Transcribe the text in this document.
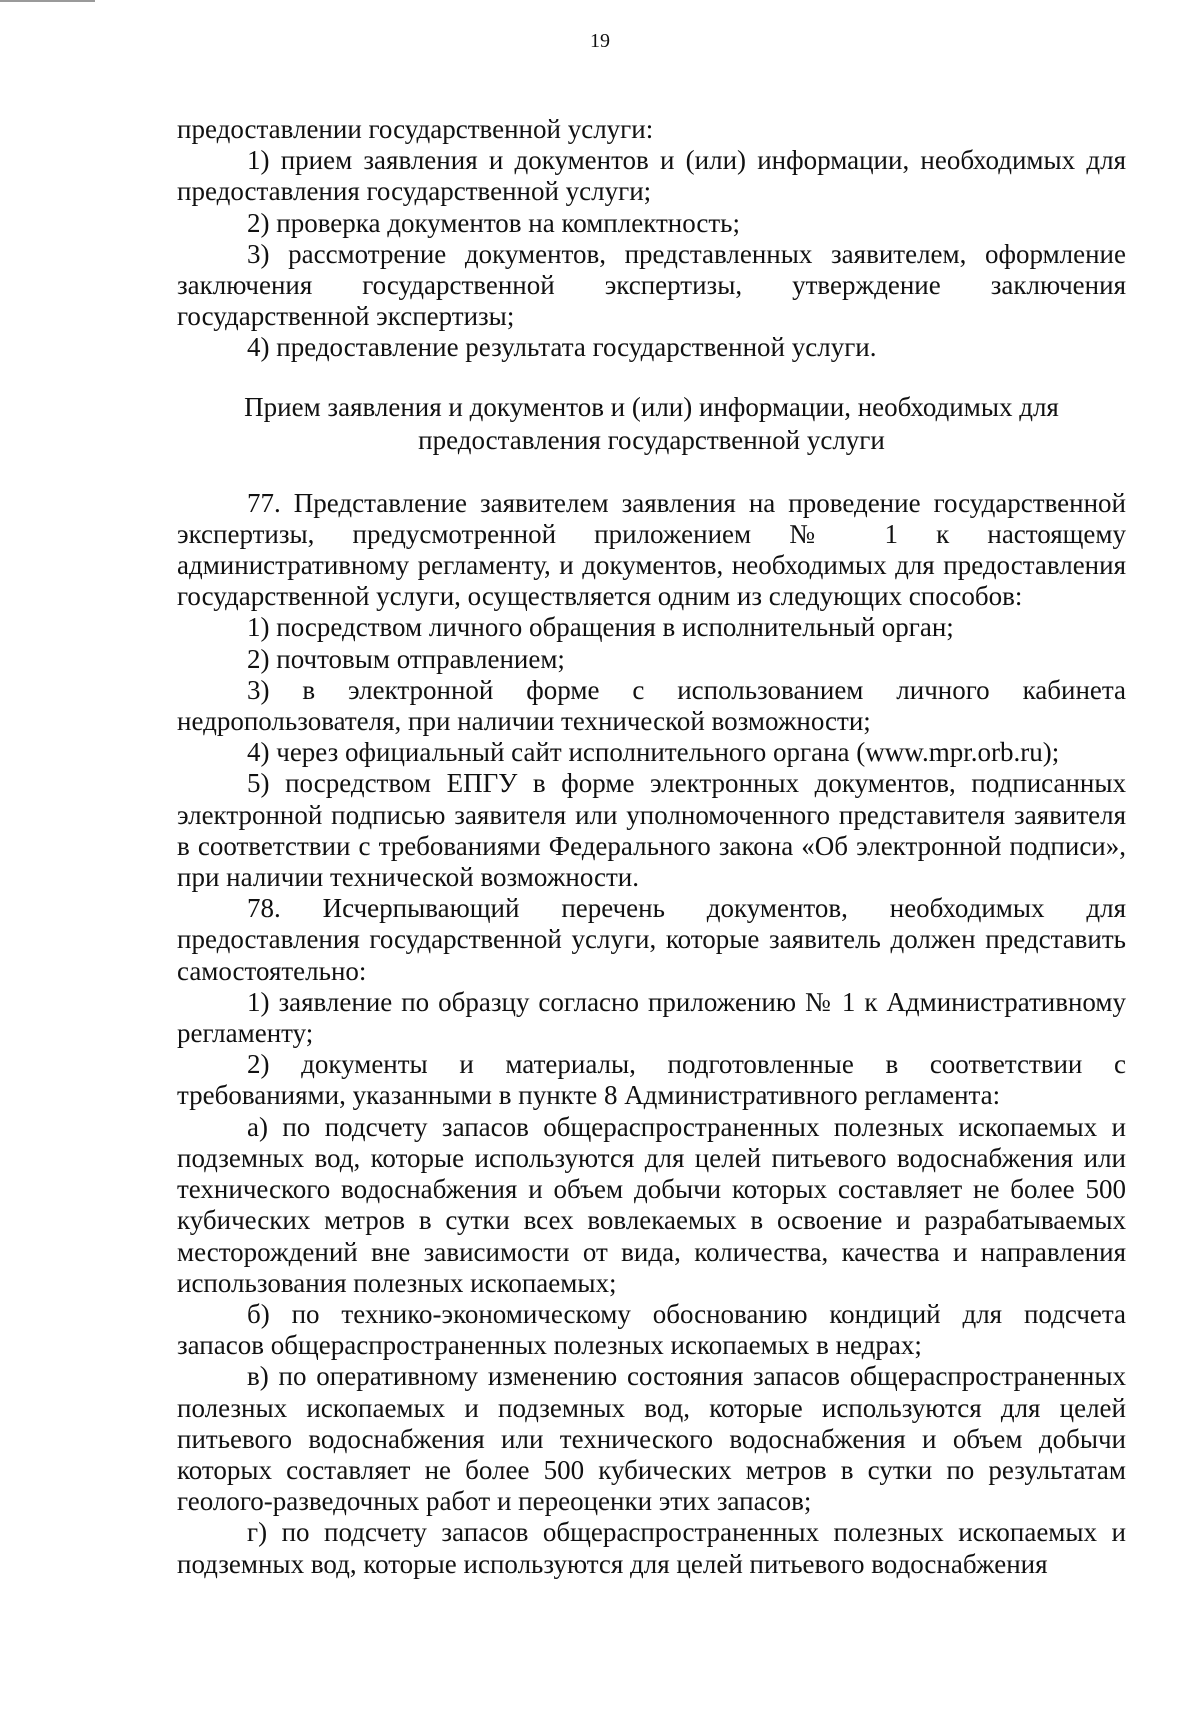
19

предоставлении государственной услуги:

1) прием заявления и документов и (или) информации, необходимых для предоставления государственной услуги;

2) проверка документов на комплектность;

3) рассмотрение документов, представленных заявителем, оформление заключения государственной экспертизы, утверждение заключения государственной экспертизы;

4) предоставление результата государственной услуги.

Прием заявления и документов и (или) информации, необходимых для предоставления государственной услуги

77. Представление заявителем заявления на проведение государственной экспертизы, предусмотренной приложением № 1 к настоящему административному регламенту, и документов, необходимых для предоставления государственной услуги, осуществляется одним из следующих способов:

1) посредством личного обращения в исполнительный орган;

2) почтовым отправлением;

3) в электронной форме с использованием личного кабинета недропользователя, при наличии технической возможности;

4) через официальный сайт исполнительного органа (www.mpr.orb.ru);

5) посредством ЕПГУ в форме электронных документов, подписанных электронной подписью заявителя или уполномоченного представителя заявителя в соответствии с требованиями Федерального закона «Об электронной подписи», при наличии технической возможности.

78. Исчерпывающий перечень документов, необходимых для предоставления государственной услуги, которые заявитель должен представить самостоятельно:

1) заявление по образцу согласно приложению № 1 к Административному регламенту;

2) документы и материалы, подготовленные в соответствии с требованиями, указанными в пункте 8 Административного регламента:

а) по подсчету запасов общераспространенных полезных ископаемых и подземных вод, которые используются для целей питьевого водоснабжения или технического водоснабжения и объем добычи которых составляет не более 500 кубических метров в сутки всех вовлекаемых в освоение и разрабатываемых месторождений вне зависимости от вида, количества, качества и направления использования полезных ископаемых;

б) по технико-экономическому обоснованию кондиций для подсчета запасов общераспространенных полезных ископаемых в недрах;

в) по оперативному изменению состояния запасов общераспространенных полезных ископаемых и подземных вод, которые используются для целей питьевого водоснабжения или технического водоснабжения и объем добычи которых составляет не более 500 кубических метров в сутки по результатам геолого-разведочных работ и переоценки этих запасов;

г) по подсчету запасов общераспространенных полезных ископаемых и подземных вод, которые используются для целей питьевого водоснабжения
